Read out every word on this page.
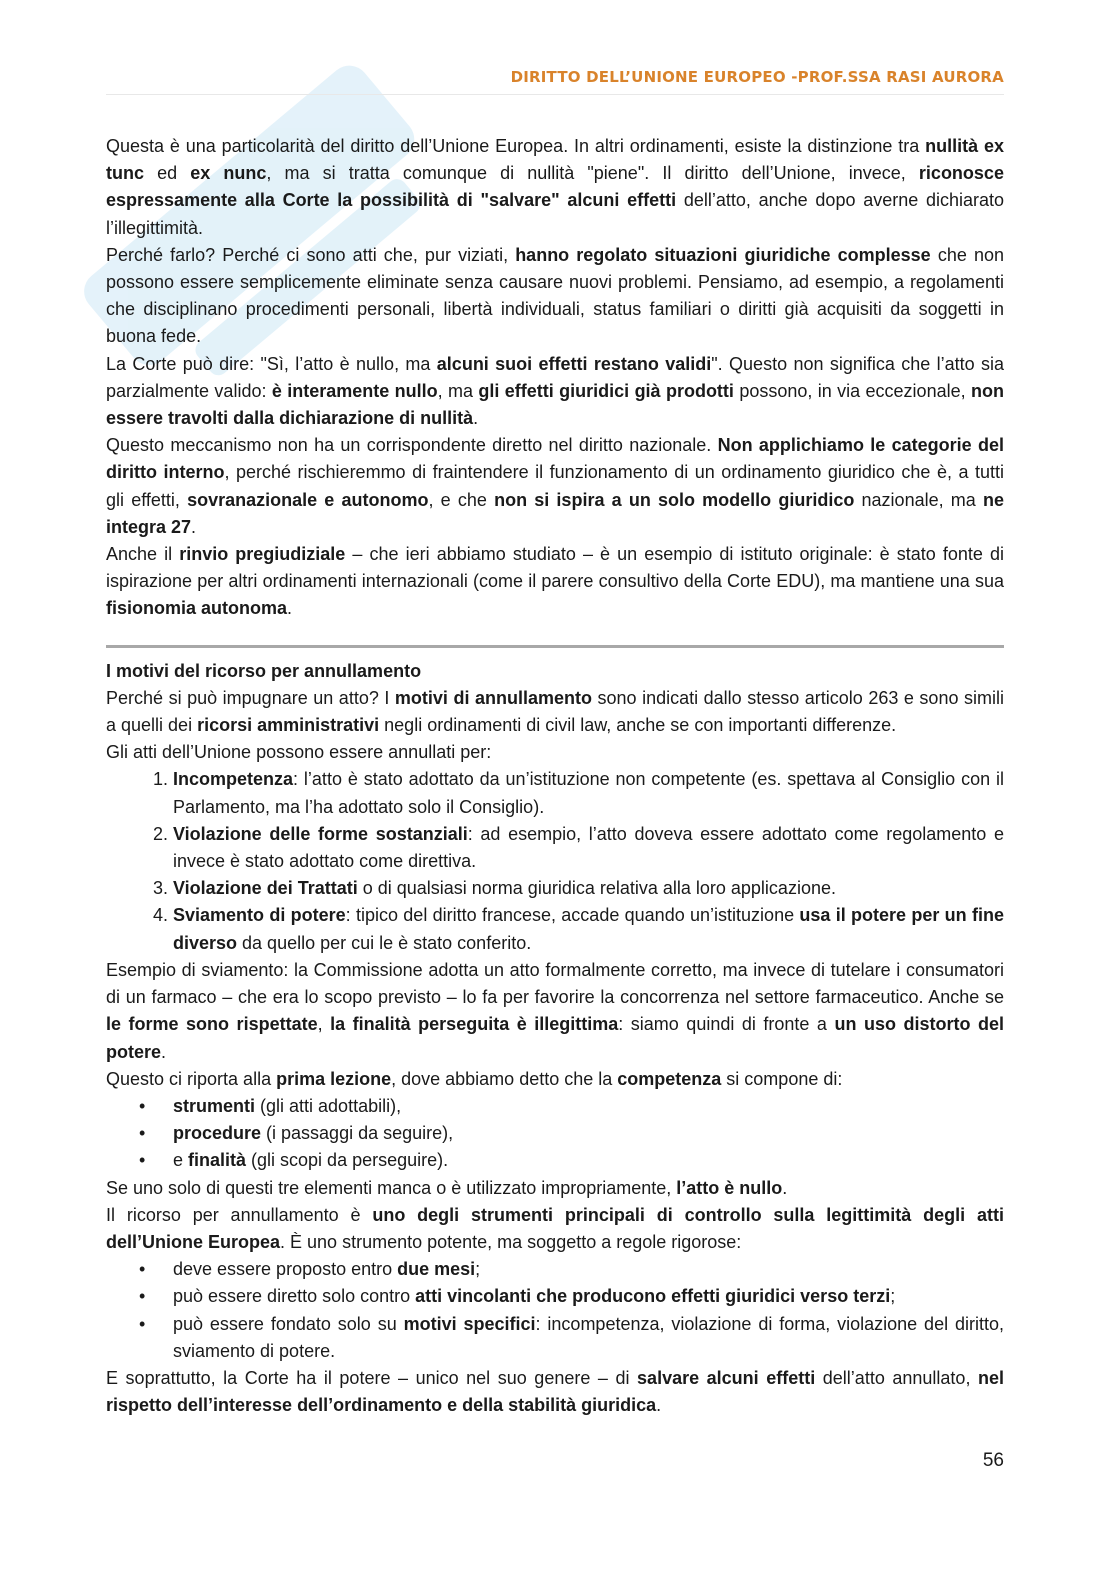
DIRITTO DELL’UNIONE EUROPEO -PROF.SSA RASI AURORA

Questa è una particolarità del diritto dell’Unione Europea. In altri ordinamenti, esiste la distinzione tra nullità ex tunc ed ex nunc, ma si tratta comunque di nullità "piene". Il diritto dell’Unione, invece, riconosce espressamente alla Corte la possibilità di "salvare" alcuni effetti dell’atto, anche dopo averne dichiarato l’illegittimità.

Perché farlo? Perché ci sono atti che, pur viziati, hanno regolato situazioni giuridiche complesse che non possono essere semplicemente eliminate senza causare nuovi problemi. Pensiamo, ad esempio, a regolamenti che disciplinano procedimenti personali, libertà individuali, status familiari o diritti già acquisiti da soggetti in buona fede.

La Corte può dire: "Sì, l’atto è nullo, ma alcuni suoi effetti restano validi". Questo non significa che l’atto sia parzialmente valido: è interamente nullo, ma gli effetti giuridici già prodotti possono, in via eccezionale, non essere travolti dalla dichiarazione di nullità.

Questo meccanismo non ha un corrispondente diretto nel diritto nazionale. Non applichiamo le categorie del diritto interno, perché rischieremmo di fraintendere il funzionamento di un ordinamento giuridico che è, a tutti gli effetti, sovranazionale e autonomo, e che non si ispira a un solo modello giuridico nazionale, ma ne integra 27.

Anche il rinvio pregiudiziale – che ieri abbiamo studiato – è un esempio di istituto originale: è stato fonte di ispirazione per altri ordinamenti internazionali (come il parere consultivo della Corte EDU), ma mantiene una sua fisionomia autonoma.

I motivi del ricorso per annullamento

Perché si può impugnare un atto? I motivi di annullamento sono indicati dallo stesso articolo 263 e sono simili a quelli dei ricorsi amministrativi negli ordinamenti di civil law, anche se con importanti differenze.

Gli atti dell’Unione possono essere annullati per:

1. Incompetenza: l’atto è stato adottato da un’istituzione non competente (es. spettava al Consiglio con il Parlamento, ma l’ha adottato solo il Consiglio).
2. Violazione delle forme sostanziali: ad esempio, l’atto doveva essere adottato come regolamento e invece è stato adottato come direttiva.
3. Violazione dei Trattati o di qualsiasi norma giuridica relativa alla loro applicazione.
4. Sviamento di potere: tipico del diritto francese, accade quando un’istituzione usa il potere per un fine diverso da quello per cui le è stato conferito.

Esempio di sviamento: la Commissione adotta un atto formalmente corretto, ma invece di tutelare i consumatori di un farmaco – che era lo scopo previsto – lo fa per favorire la concorrenza nel settore farmaceutico. Anche se le forme sono rispettate, la finalità perseguita è illegittima: siamo quindi di fronte a un uso distorto del potere.

Questo ci riporta alla prima lezione, dove abbiamo detto che la competenza si compone di:

• strumenti (gli atti adottabili),
• procedure (i passaggi da seguire),
• e finalità (gli scopi da perseguire).

Se uno solo di questi tre elementi manca o è utilizzato impropriamente, l’atto è nullo.

Il ricorso per annullamento è uno degli strumenti principali di controllo sulla legittimità degli atti dell’Unione Europea. È uno strumento potente, ma soggetto a regole rigorose:

• deve essere proposto entro due mesi;
• può essere diretto solo contro atti vincolanti che producono effetti giuridici verso terzi;
• può essere fondato solo su motivi specifici: incompetenza, violazione di forma, violazione del diritto, sviamento di potere.

E soprattutto, la Corte ha il potere – unico nel suo genere – di salvare alcuni effetti dell’atto annullato, nel rispetto dell’interesse dell’ordinamento e della stabilità giuridica.

56
